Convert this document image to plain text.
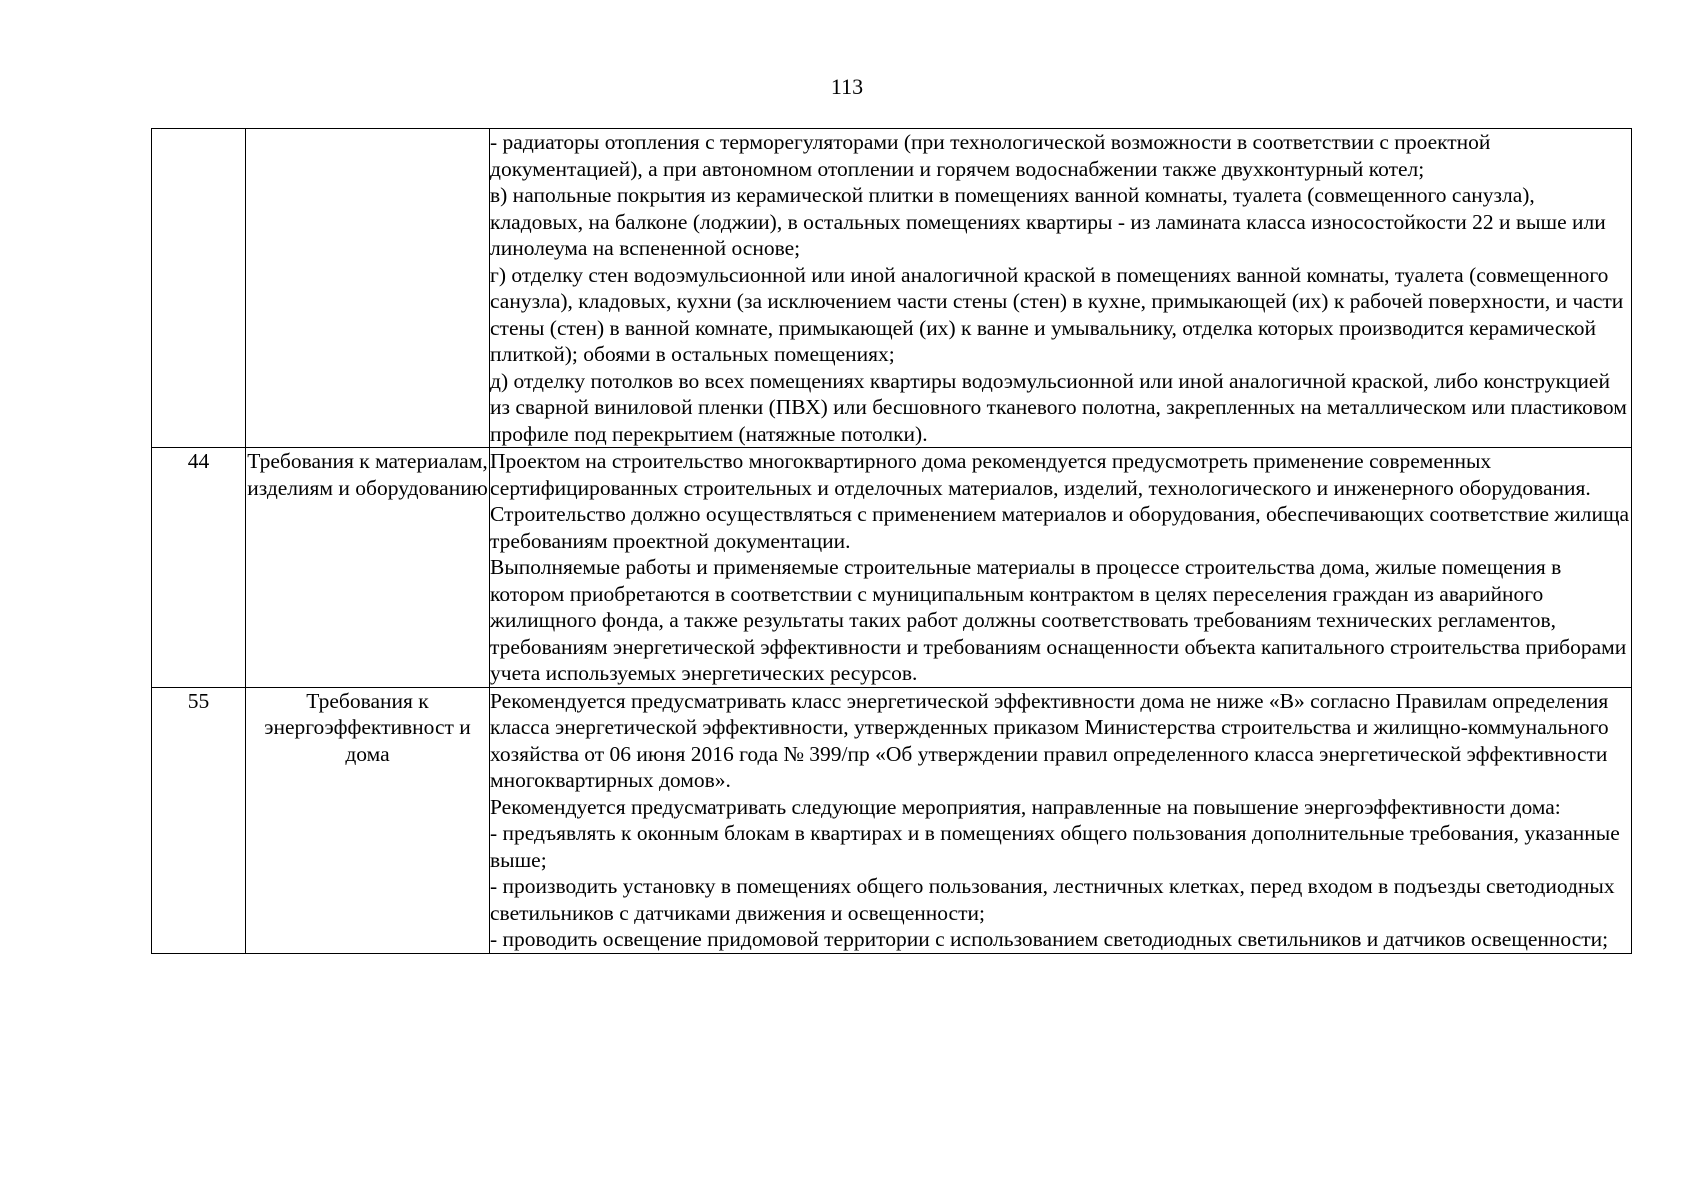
113

		- радиаторы отопления с терморегуляторами (при технологической возможности в соответствии с проектной документацией), а при автономном отоплении и горячем водоснабжении также двухконтурный котел;
в) напольные покрытия из керамической плитки в помещениях ванной комнаты, туалета (совмещенного санузла), кладовых, на балконе (лоджии), в остальных помещениях квартиры - из ламината класса износостойкости 22 и выше или линолеума на вспененной основе;
г) отделку стен водоэмульсионной или иной аналогичной краской в помещениях ванной комнаты, туалета (совмещенного санузла), кладовых, кухни (за исключением части стены (стен) в кухне, примыкающей (их) к рабочей поверхности, и части стены (стен) в ванной комнате, примыкающей (их) к ванне и умывальнику, отделка которых производится керамической плиткой); обоями в остальных помещениях;
д) отделку потолков во всех помещениях квартиры водоэмульсионной или иной аналогичной краской, либо конструкцией из сварной виниловой пленки (ПВХ) или бесшовного тканевого полотна, закрепленных на металлическом или пластиковом профиле под перекрытием (натяжные потолки).

44	Требования к материалам, изделиям и оборудованию	Проектом на строительство многоквартирного дома рекомендуется предусмотреть применение современных сертифицированных строительных и отделочных материалов, изделий, технологического и инженерного оборудования. Строительство должно осуществляться с применением материалов и оборудования, обеспечивающих соответствие жилища требованиям проектной документации.
Выполняемые работы и применяемые строительные материалы в процессе строительства дома, жилые помещения в котором приобретаются в соответствии с муниципальным контрактом в целях переселения граждан из аварийного жилищного фонда, а также результаты таких работ должны соответствовать требованиям технических регламентов, требованиям энергетической эффективности и требованиям оснащенности объекта капитального строительства приборами учета используемых энергетических ресурсов.

55	Требования к энергоэффективност и дома	Рекомендуется предусматривать класс энергетической эффективности дома не ниже «В» согласно Правилам определения класса энергетической эффективности, утвержденных приказом Министерства строительства и жилищно-коммунального хозяйства от 06 июня 2016 года № 399/пр «Об утверждении правил определенного класса энергетической эффективности многоквартирных домов».
Рекомендуется предусматривать следующие мероприятия, направленные на повышение энергоэффективности дома:
- предъявлять к оконным блокам в квартирах и в помещениях общего пользования дополнительные требования, указанные выше;
- производить установку в помещениях общего пользования, лестничных клетках, перед входом в подъезды светодиодных светильников с датчиками движения и освещенности;
- проводить освещение придомовой территории с использованием светодиодных светильников и датчиков освещенности;
